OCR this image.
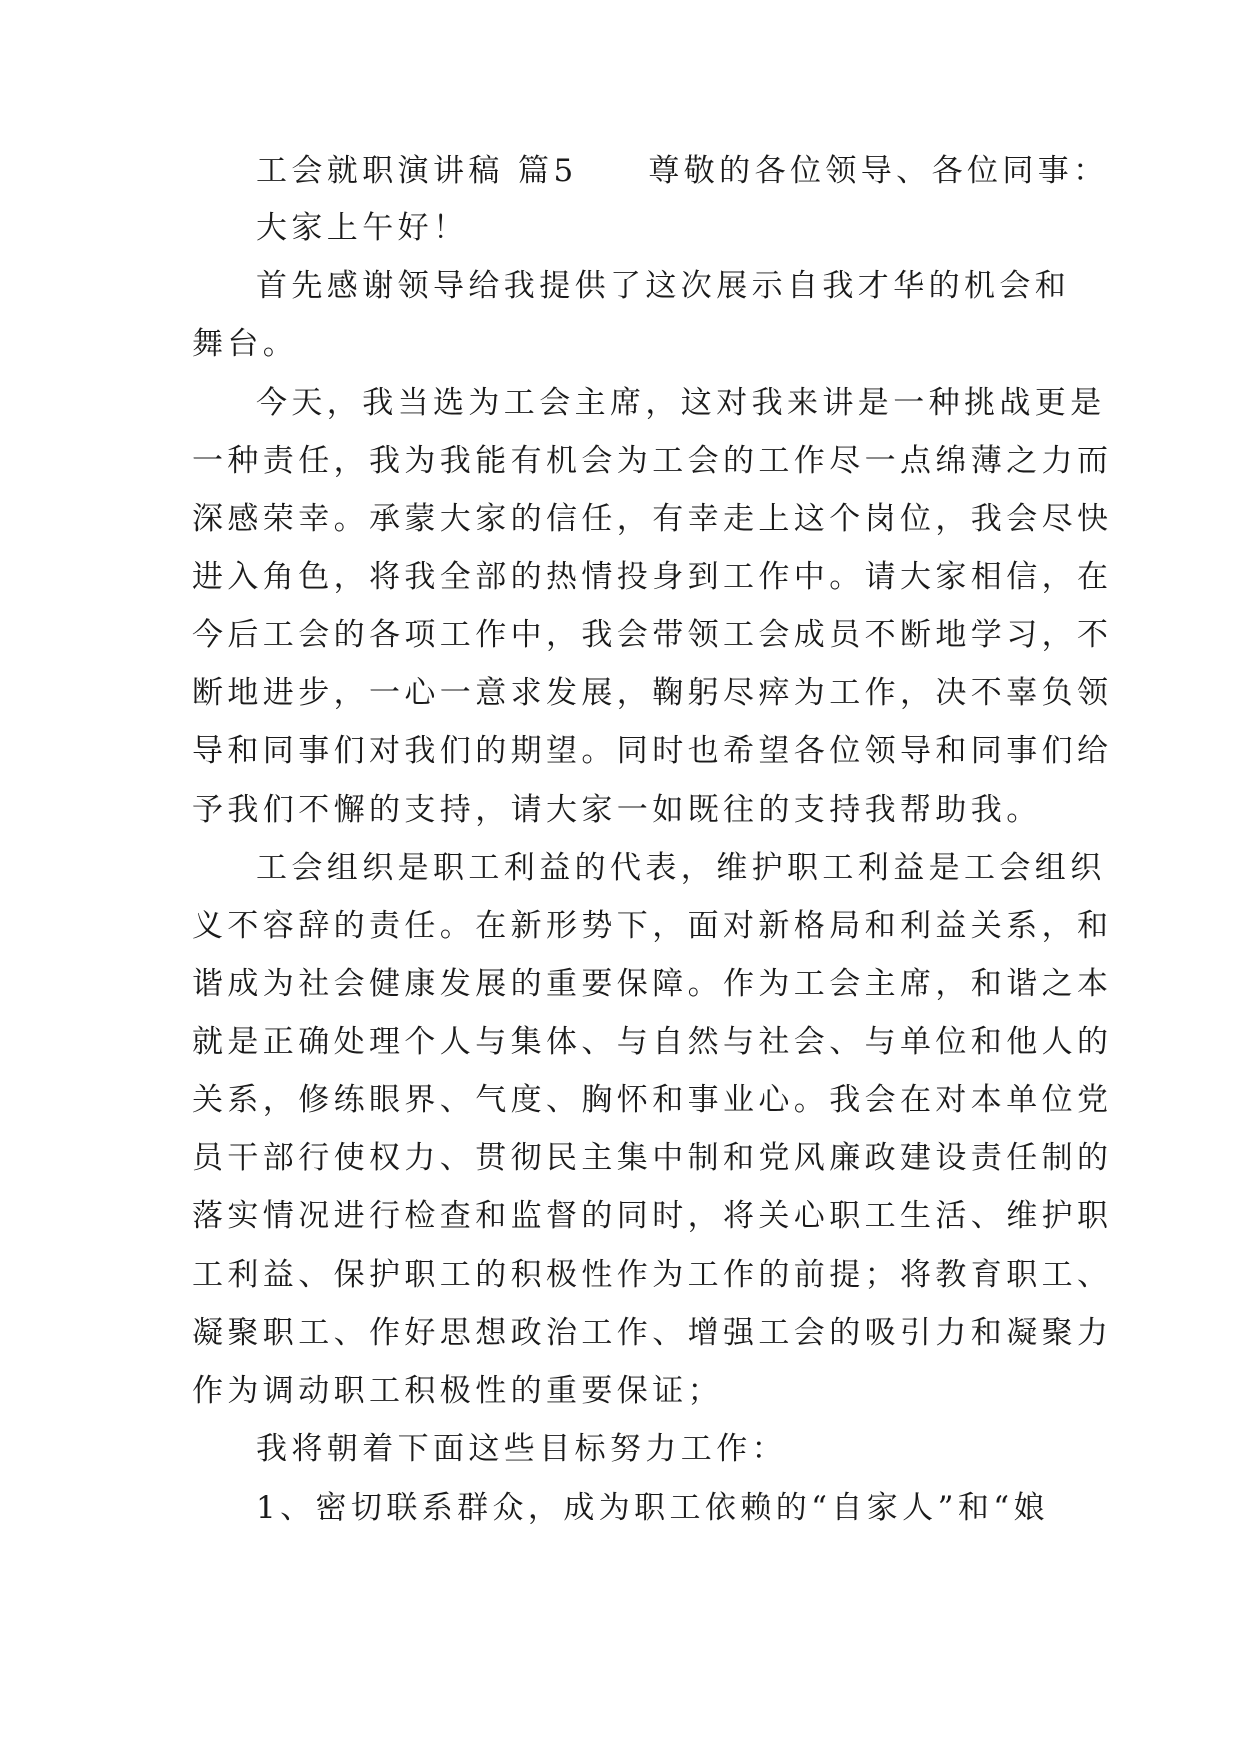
工会就职演讲稿 篇5　　尊敬的各位领导、各位同事：
大家上午好！
首先感谢领导给我提供了这次展示自我才华的机会和
舞台。
今天，我当选为工会主席，这对我来讲是一种挑战更是
一种责任，我为我能有机会为工会的工作尽一点绵薄之力而
深感荣幸。承蒙大家的信任，有幸走上这个岗位，我会尽快
进入角色，将我全部的热情投身到工作中。请大家相信，在
今后工会的各项工作中，我会带领工会成员不断地学习，不
断地进步，一心一意求发展，鞠躬尽瘁为工作，决不辜负领
导和同事们对我们的期望。同时也希望各位领导和同事们给
予我们不懈的支持，请大家一如既往的支持我帮助我。
工会组织是职工利益的代表，维护职工利益是工会组织
义不容辞的责任。在新形势下，面对新格局和利益关系，和
谐成为社会健康发展的重要保障。作为工会主席，和谐之本
就是正确处理个人与集体、与自然与社会、与单位和他人的
关系，修练眼界、气度、胸怀和事业心。我会在对本单位党
员干部行使权力、贯彻民主集中制和党风廉政建设责任制的
落实情况进行检查和监督的同时，将关心职工生活、维护职
工利益、保护职工的积极性作为工作的前提；将教育职工、
凝聚职工、作好思想政治工作、增强工会的吸引力和凝聚力
作为调动职工积极性的重要保证；
我将朝着下面这些目标努力工作：
1、密切联系群众，成为职工依赖的“自家人”和“娘
